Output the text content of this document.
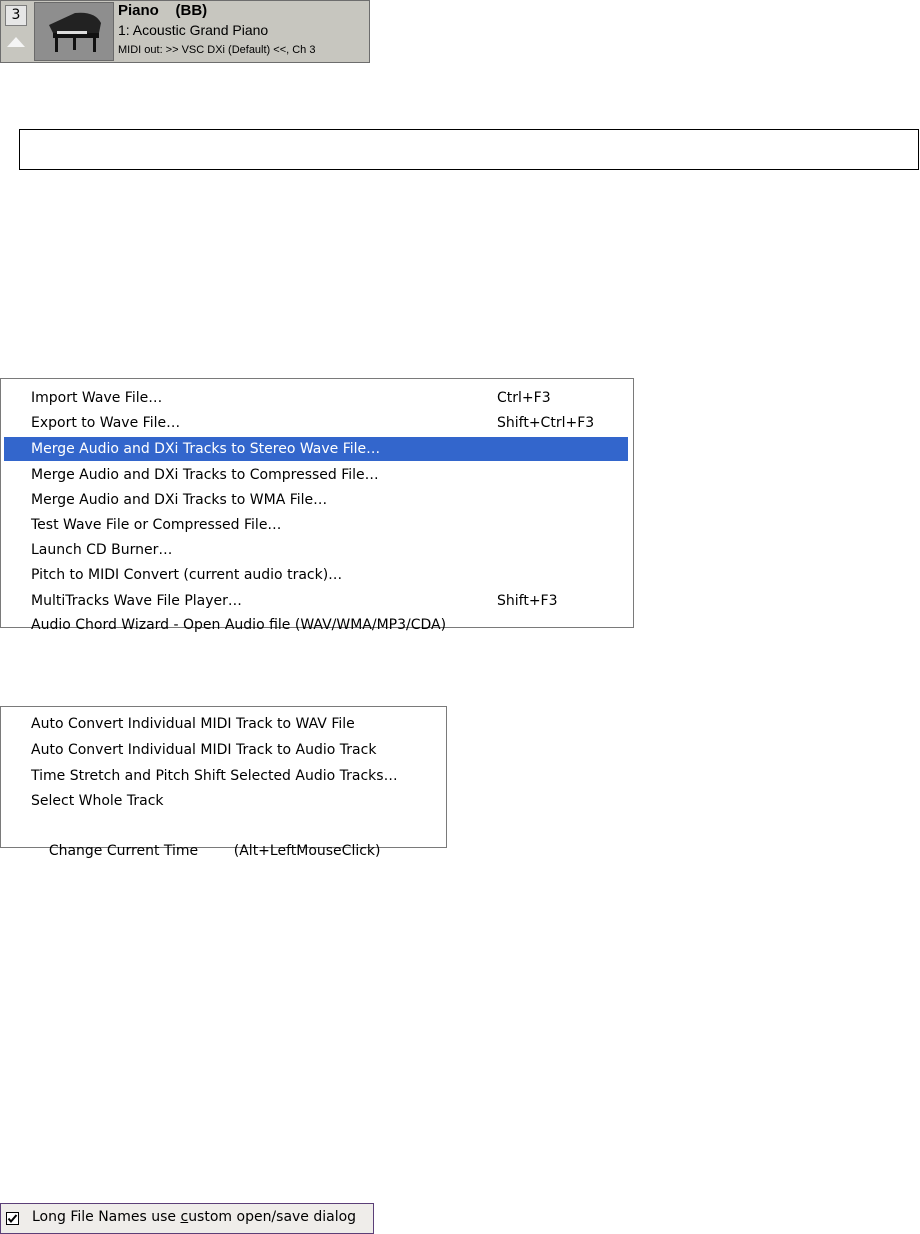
3	Piano    (BB)
1: Acoustic Grand Piano
MIDI out: >> VSC DXi (Default) <<, Ch 3
Import Wave File…	Ctrl+F3
Export to Wave File…	Shift+Ctrl+F3
Merge Audio and DXi Tracks to Stereo Wave File…
Merge Audio and DXi Tracks to Compressed File…
Merge Audio and DXi Tracks to WMA File…
Test Wave File or Compressed File…
Launch CD Burner…
Pitch to MIDI Convert (current audio track)…
MultiTracks Wave File Player…	Shift+F3
Audio Chord Wizard - Open Audio file (WAV/WMA/MP3/CDA)
Auto Convert Individual MIDI Track to WAV File
Auto Convert Individual MIDI Track to Audio Track
Time Stretch and Pitch Shift Selected Audio Tracks…
Select Whole Track

Change Current Time        (Alt+LeftMouseClick)

Long File Names use custom open/save dialog
